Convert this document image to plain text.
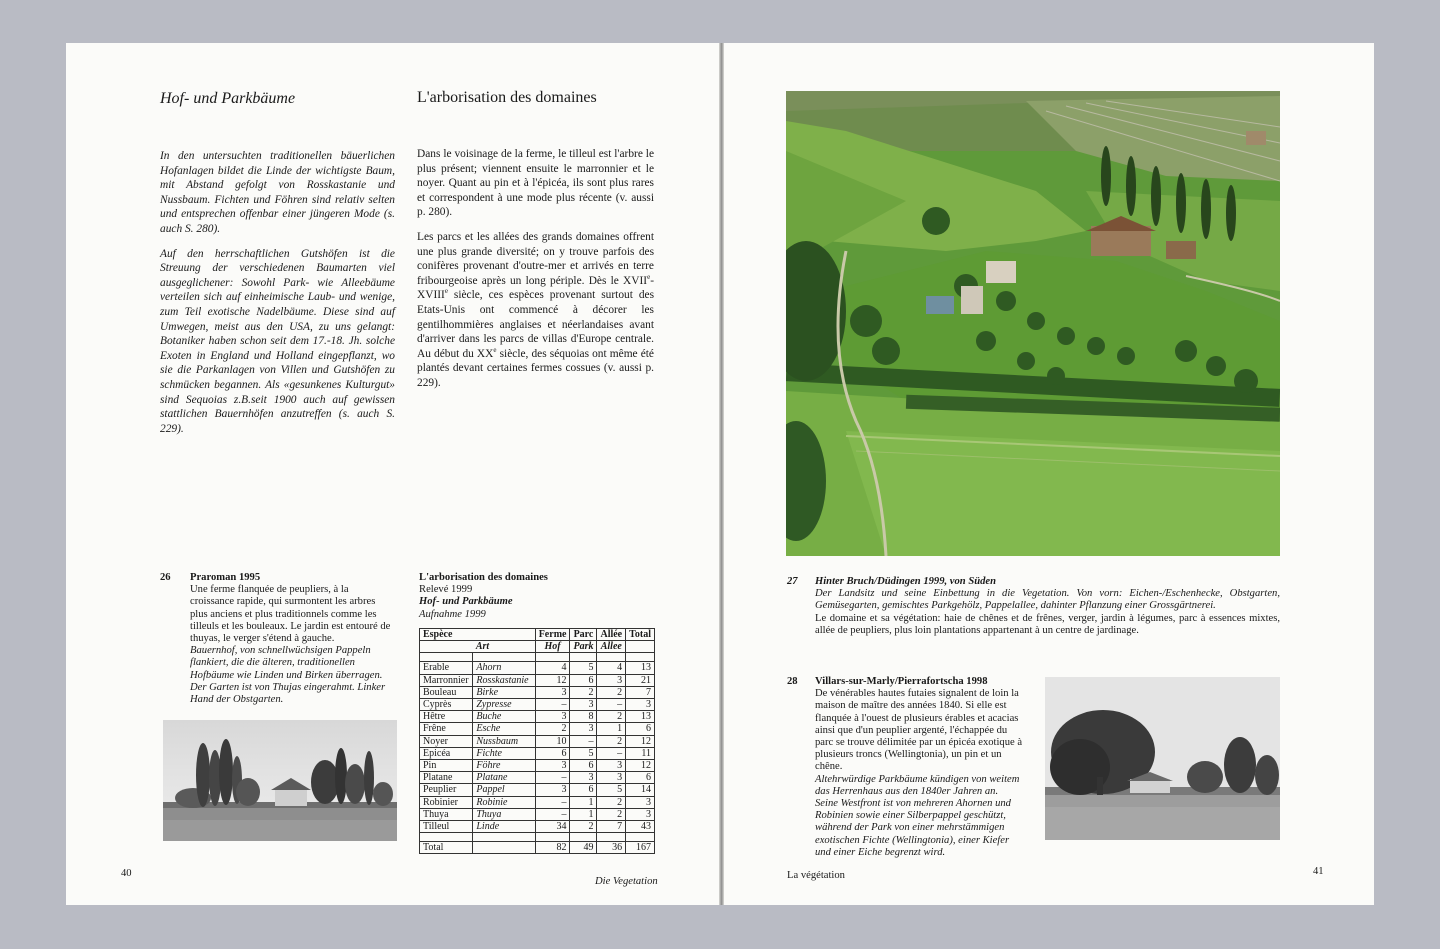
Hof- und Parkbäume	L'arborisation des domaines

In den untersuchten traditionellen bäuerlichen Hofanlagen bildet die Linde der wichtigste Baum, mit Abstand gefolgt von Rosskastanie und Nussbaum. Fichten und Föhren sind relativ selten und entsprechen offenbar einer jüngeren Mode (s. auch S. 280).

Auf den herrschaftlichen Gutshöfen ist die Streuung der verschiedenen Baumarten viel ausgeglichener: Sowohl Park- wie Alleebäume verteilen sich auf einheimische Laub- und wenige, zum Teil exotische Nadelbäume. Diese sind auf Umwegen, meist aus den USA, zu uns gelangt: Botaniker haben schon seit dem 17.-18. Jh. solche Exoten in England und Holland eingepflanzt, wo sie die Parkanlagen von Villen und Gutshöfen zu schmücken begannen. Als «gesunkenes Kulturgut» sind Sequoias z.B.seit 1900 auch auf gewissen stattlichen Bauernhöfen anzutreffen (s. auch S. 229).

Dans le voisinage de la ferme, le tilleul est l'arbre le plus présent; viennent ensuite le marronnier et le noyer. Quant au pin et à l'épicéa, ils sont plus rares et correspondent à une mode plus récente (v. aussi p. 280).

Les parcs et les allées des grands domaines offrent une plus grande diversité; on y trouve parfois des conifères provenant d'outre-mer et arrivés en terre fribourgeoise après un long périple. Dès le XVIIe-XVIIIe siècle, ces espèces provenant surtout des Etats-Unis ont commencé à décorer les gentilhommières anglaises et néerlandaises avant d'arriver dans les parcs de villas d'Europe centrale. Au début du XXe siècle, des séquoias ont même été plantés devant certaines fermes cossues (v. aussi p. 229).

26 Praroman 1995

Une ferme flanquée de peupliers, à la croissance rapide, qui surmontent les arbres plus anciens et plus traditionnels comme les tilleuls et les bouleaux. Le jardin est entouré de thuyas, le verger s'étend à gauche.

Bauernhof, von schnellwüchsigen Pappeln flankiert, die die älteren, traditionellen Hofbäume wie Linden und Birken überragen. Der Garten ist von Thujas eingerahmt. Linker Hand der Obstgarten.

L'arborisation des domaines
Relevé 1999
Hof- und Parkbäume
Aufnahme 1999
Espèce		Ferme	Parc	Allée	Total
	Art	Hof	Park	Allee	

Erable	Ahorn	4	5	4	13
Marronnier	Rosskastanie	12	6	3	21
Bouleau	Birke	3	2	2	7
Cyprès	Zypresse	–	3	–	3
Hêtre	Buche	3	8	2	13
Frêne	Esche	2	3	1	6
Noyer	Nussbaum	10	–	2	12
Epicéa	Fichte	6	5	–	11
Pin	Föhre	3	6	3	12
Platane	Platane	–	3	3	6
Peuplier	Pappel	3	6	5	14
Robinier	Robinie	–	1	2	3
Thuya	Thuya	–	1	2	3
Tilleul	Linde	34	2	7	43

Total		82	49	36	167
40
Die Vegetation
27 Hinter Bruch/Düdingen 1999, von Süden

Der Landsitz und seine Einbettung in die Vegetation. Von vorn: Eichen-/Eschenhecke, Obstgarten, Gemüsegarten, gemischtes Parkgehölz, Pappelallee, dahinter Pflanzung einer Grossgärtnerei.

Le domaine et sa végétation: haie de chênes et de frênes, verger, jardin à légumes, parc à essences mixtes, allée de peupliers, plus loin plantations appartenant à un centre de jardinage.

28 Villars-sur-Marly/Pierrafortscha 1998

De vénérables hautes futaies signalent de loin la maison de maître des années 1840. Si elle est flanquée à l'ouest de plusieurs érables et acacias ainsi que d'un peuplier argenté, l'échappée du parc se trouve délimitée par un épicéa exotique à plusieurs troncs (Wellingtonia), un pin et un chêne.

Altehrwürdige Parkbäume kündigen von weitem das Herrenhaus aus den 1840er Jahren an. Seine Westfront ist von mehreren Ahornen und Robinien sowie einer Silberpappel geschützt, während der Park von einer mehrstämmigen exotischen Fichte (Wellingtonia), einer Kiefer und einer Eiche begrenzt wird.

La végétation	41
